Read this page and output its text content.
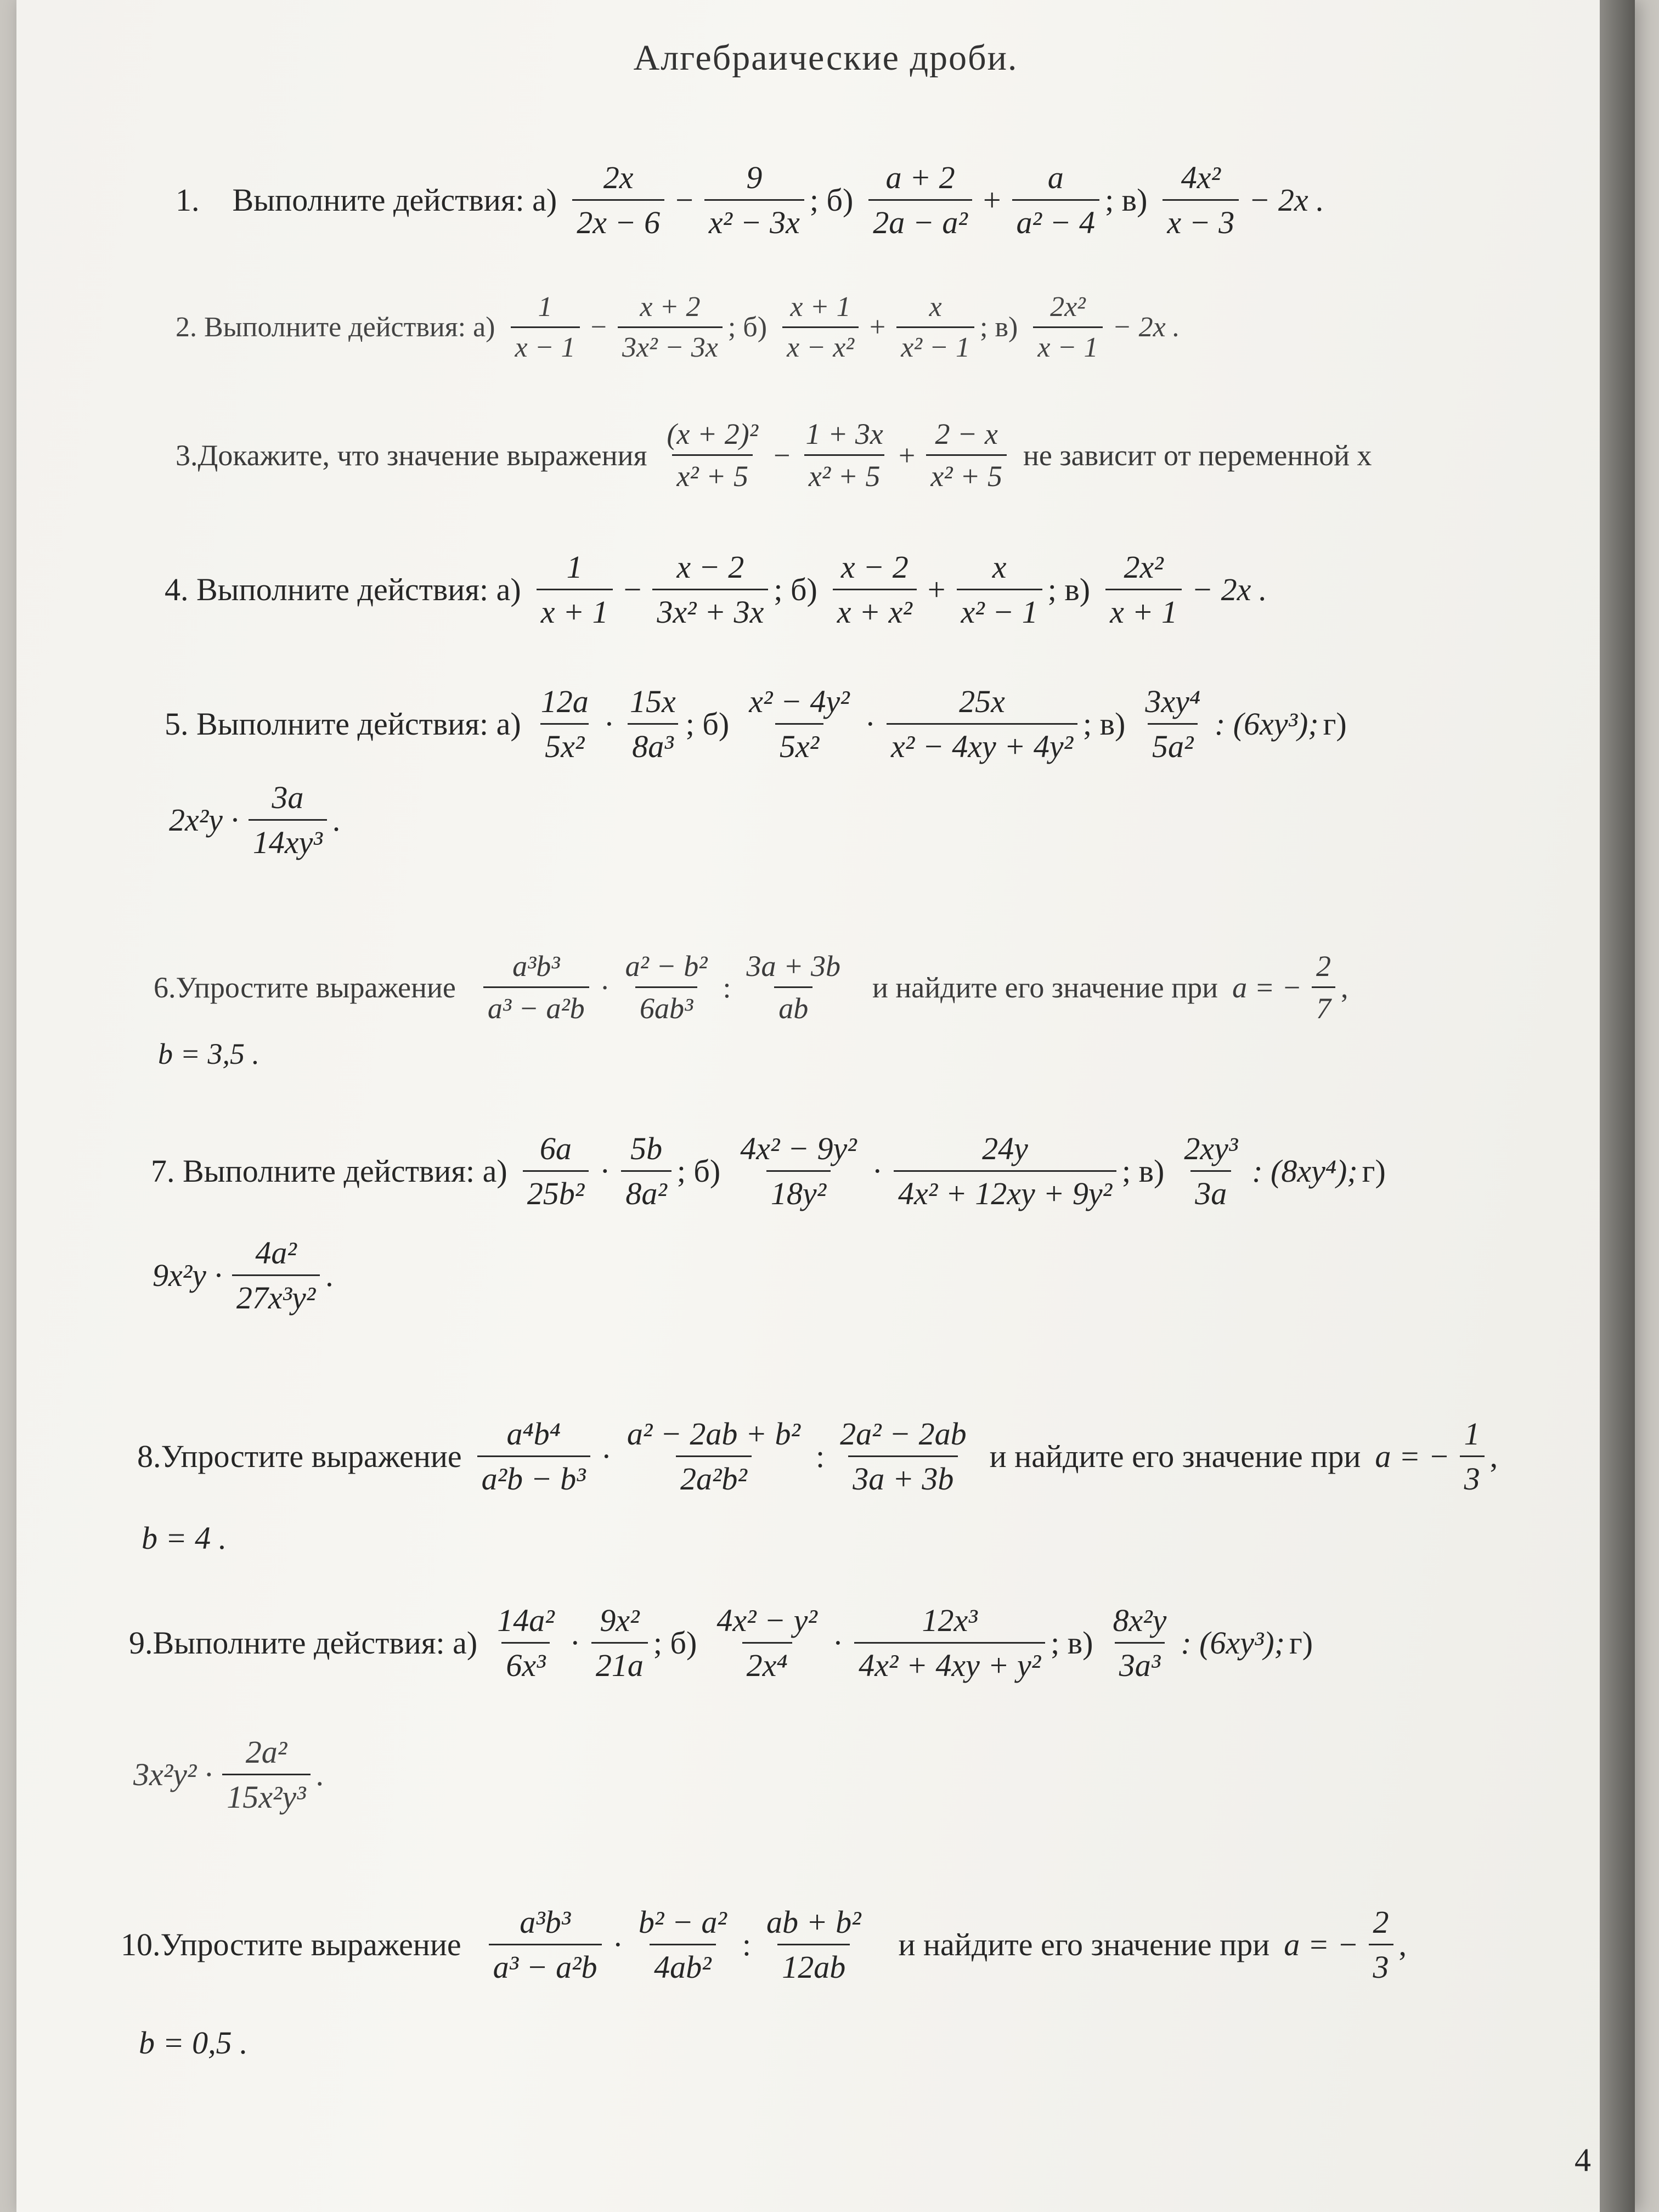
Алгебраические дроби.
1. Выполните действия: $а) \frac{2x}{2x - 6} - \frac{9}{\text{x² − 3x}}$ ; $б) \frac{a + 2}{\text{2a − a²}} + \frac{a}{\text{a² − 4}}$ ; $в) \frac{\text{4x²}}{x - 3} - 2x$ .
2. Выполните действия: $а) \frac{1}{x - 1} - \frac{x + 2}{\text{3x² − 3x}}$ ; $б) \frac{x + 1}{\text{x − x²}} + \frac{x}{\text{x² − 1}}$ ; $в) \frac{\text{2x²}}{x - 1} - 2x$ .
3.Докажите, что значение выражения $\frac{\text{(x + 2)²}}{\text{x² + 5}} - \frac{1 + 3x}{\text{x² + 5}} + \frac{2 - x}{\text{x² + 5}}$ не зависит от переменной x
4. Выполните действия: $а) \frac{1}{x + 1} - \frac{x - 2}{\text{3x² + 3x}}$ ; $б) \frac{x - 2}{\text{x + x²}} + \frac{x}{\text{x² − 1}}$ ; $в) \frac{\text{2x²}}{x + 1} - 2x$ .
5. Выполните действия: $а) \frac{12a}{\text{5x²}} \cdot \frac{15x}{\text{8a³}}$ ; $б) \frac{\text{x² − 4y²}}{\text{5x²}} \cdot \frac{25x}{\text{x² − 4xy + 4y²}}$ ; $в) \frac{\text{3xy⁴}}{\text{5a²}}$ : (6xy³); г)
$2x^2y \cdot \frac{3a}{\text{14xy³}}$ .
6.Упростите выражение $\frac{\text{a³b³}}{\text{a³ − a²b}} \cdot \frac{\text{a² − b²}}{\text{6ab³}}$ : $\frac{3a + 3b}{ab}$ и найдите его значение при a = − $\frac{2}{7}$ ,
b = 3,5 .
7. Выполните действия: $а) \frac{6a}{\text{25b²}} \cdot \frac{5b}{\text{8a²}}$ ; $б) \frac{\text{4x² − 9y²}}{\text{18y²}} \cdot \frac{24y}{\text{4x² + 12xy + 9y²}}$ ; $в) \frac{\text{2xy³}}{3a}$ : (8xy⁴); г)
$9x^2y \cdot \frac{\text{4a²}}{\text{27x³y²}}$ .
8.Упростите выражение $\frac{\text{a⁴b⁴}}{\text{a²b − b³}} \cdot \frac{\text{a² − 2ab + b²}}{\text{2a²b²}}$ : $\frac{\text{2a² − 2ab}}{3a + 3b}$ и найдите его значение при a = − $\frac{1}{3}$ ,
b = 4 .
9.Выполните действия: $а) \frac{\text{14a²}}{\text{6x³}} \cdot \frac{\text{9x²}}{21a}$ ; $б) \frac{\text{4x² − y²}}{\text{2x⁴}} \cdot \frac{\text{12x³}}{\text{4x² + 4xy + y²}}$ ; $в) \frac{\text{8x²y}}{\text{3a³}}$ : (6xy³); г)
$3x^2y^2 \cdot \frac{\text{2a²}}{\text{15x²y³}}$ .
10.Упростите выражение $\frac{\text{a³b³}}{\text{a³ − a²b}} \cdot \frac{\text{b² − a²}}{\text{4ab²}}$ : $\frac{\text{ab + b²}}{12ab}$ и найдите его значение при a = − $\frac{2}{3}$ ,
b = 0,5 .
4
